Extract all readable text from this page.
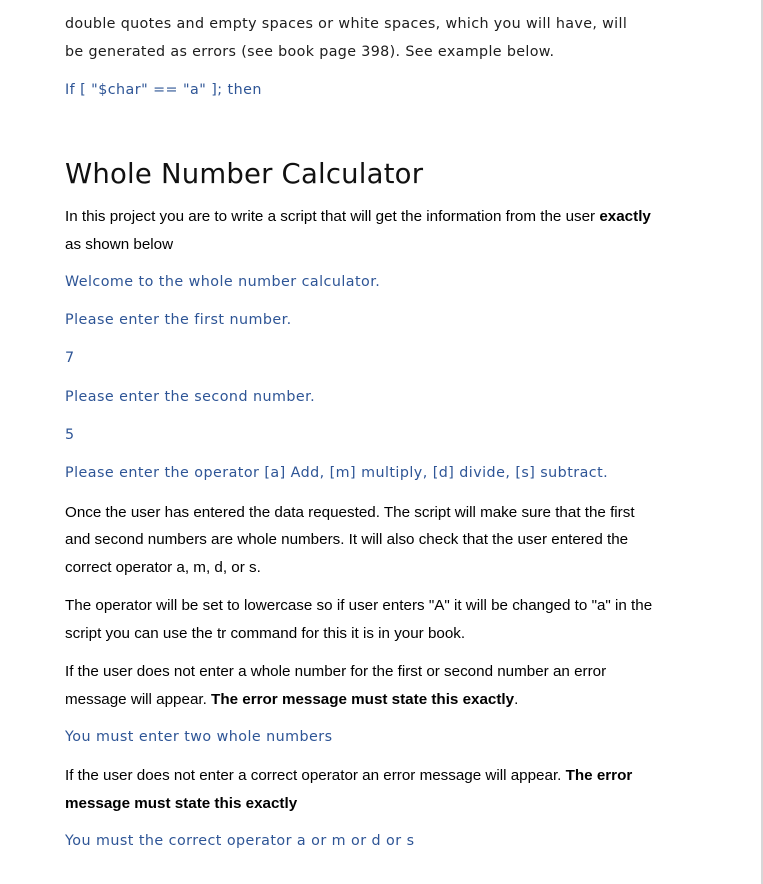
double quotes and empty spaces or white spaces, which you will have, will
be generated as errors (see book page 398). See example below.
If [ "$char" == "a" ]; then
Whole Number Calculator
In this project you are to write a script that will get the information from the user exactly
as shown below
Welcome to the whole number calculator.
Please enter the first number.
7
Please enter the second number.
5
Please enter the operator [a] Add, [m] multiply, [d] divide, [s] subtract.
Once the user has entered the data requested. The script will make sure that the first
and second numbers are whole numbers. It will also check that the user entered the
correct operator a, m, d, or s.
The operator will be set to lowercase so if user enters "A" it will be changed to "a" in the
script you can use the tr command for this it is in your book.
If the user does not enter a whole number for the first or second number an error
message will appear. The error message must state this exactly.
You must enter two whole numbers
If the user does not enter a correct operator an error message will appear. The error
message must state this exactly
You must the correct operator a or m or d or s
